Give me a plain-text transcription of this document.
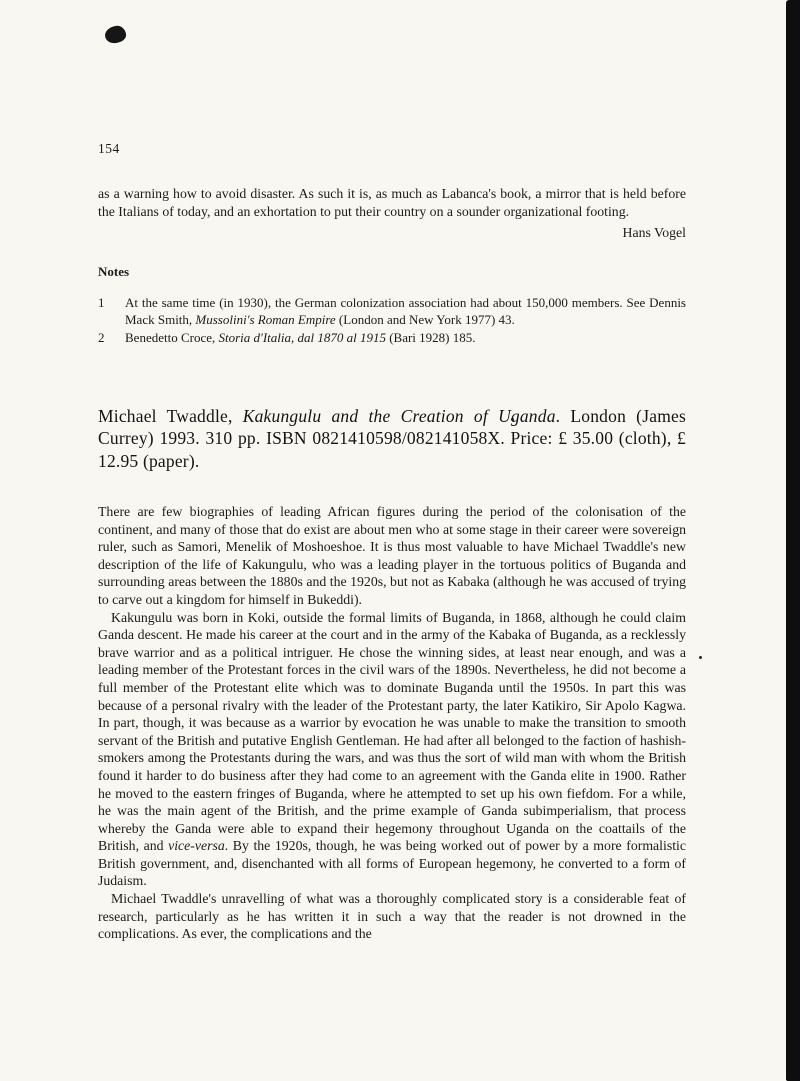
154

as a warning how to avoid disaster. As such it is, as much as Labanca's book, a mirror that is held before the Italians of today, and an exhortation to put their country on a sounder organizational footing.

Hans Vogel
Notes
1	At the same time (in 1930), the German colonization association had about 150,000 members. See Dennis Mack Smith, Mussolini's Roman Empire (London and New York 1977) 43.
2	Benedetto Croce, Storia d'Italia, dal 1870 al 1915 (Bari 1928) 185.
Michael Twaddle, Kakungulu and the Creation of Uganda. London (James Currey) 1993. 310 pp. ISBN 0821410598/082141058X. Price: £ 35.00 (cloth), £ 12.95 (paper).

There are few biographies of leading African figures during the period of the colonisation of the continent, and many of those that do exist are about men who at some stage in their career were sovereign ruler, such as Samori, Menelik of Moshoeshoe. It is thus most valuable to have Michael Twaddle's new description of the life of Kakungulu, who was a leading player in the tortuous politics of Buganda and surrounding areas between the 1880s and the 1920s, but not as Kabaka (although he was accused of trying to carve out a kingdom for himself in Bukeddi).

Kakungulu was born in Koki, outside the formal limits of Buganda, in 1868, although he could claim Ganda descent. He made his career at the court and in the army of the Kabaka of Buganda, as a recklessly brave warrior and as a political intriguer. He chose the winning sides, at least near enough, and was a leading member of the Protestant forces in the civil wars of the 1890s. Nevertheless, he did not become a full member of the Protestant elite which was to dominate Buganda until the 1950s. In part this was because of a personal rivalry with the leader of the Protestant party, the later Katikiro, Sir Apolo Kagwa. In part, though, it was because as a warrior by evocation he was unable to make the transition to smooth servant of the British and putative English Gentleman. He had after all belonged to the faction of hashish-smokers among the Protestants during the wars, and was thus the sort of wild man with whom the British found it harder to do business after they had come to an agreement with the Ganda elite in 1900. Rather he moved to the eastern fringes of Buganda, where he attempted to set up his own fiefdom. For a while, he was the main agent of the British, and the prime example of Ganda subimperialism, that process whereby the Ganda were able to expand their hegemony throughout Uganda on the coattails of the British, and vice-versa. By the 1920s, though, he was being worked out of power by a more formalistic British government, and, disenchanted with all forms of European hegemony, he converted to a form of Judaism.

Michael Twaddle's unravelling of what was a thoroughly complicated story is a considerable feat of research, particularly as he has written it in such a way that the reader is not drowned in the complications. As ever, the complications and the
